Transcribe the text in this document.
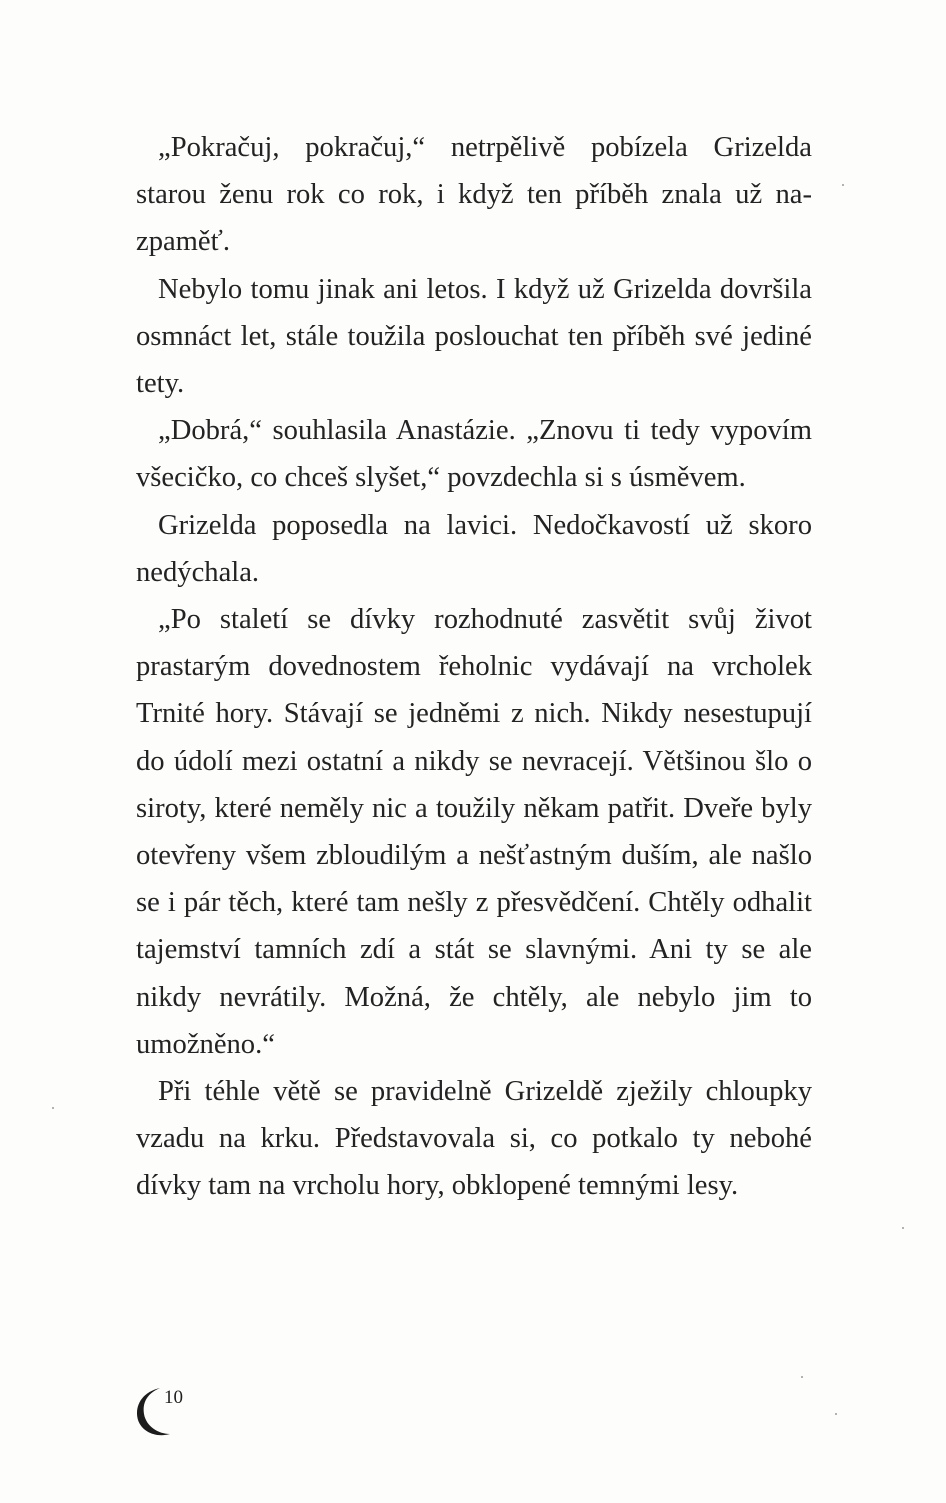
„Pokračuj, pokračuj,“ netrpělivě pobízela Grizelda starou ženu rok co rok, i když ten příběh znala už nazpaměť.

Nebylo tomu jinak ani letos. I když už Grizelda dovršila osmnáct let, stále toužila poslouchat ten příběh své jediné tety.

„Dobrá,“ souhlasila Anastázie. „Znovu ti tedy vypovím všecičko, co chceš slyšet,“ povzdechla si s úsměvem.

Grizelda poposedla na lavici. Nedočkavostí už skoro nedýchala.

„Po staletí se dívky rozhodnuté zasvětit svůj život prastarým dovednostem řeholnic vydávají na vrcholek Trnité hory. Stávají se jedněmi z nich. Nikdy nesestupují do údolí mezi ostatní a nikdy se nevracejí. Většinou šlo o siroty, které neměly nic a toužily někam patřit. Dveře byly otevřeny všem zbloudilým a nešťastným duším, ale našlo se i pár těch, které tam nešly z přesvědčení. Chtěly odhalit tajemství tamních zdí a stát se slavnými. Ani ty se ale nikdy nevrátily. Možná, že chtěly, ale nebylo jim to umožněno.“

Při téhle větě se pravidelně Grizeldě zježily chloupky vzadu na krku. Představovala si, co potkalo ty nebohé dívky tam na vrcholu hory, obklopené temnými lesy.

10
